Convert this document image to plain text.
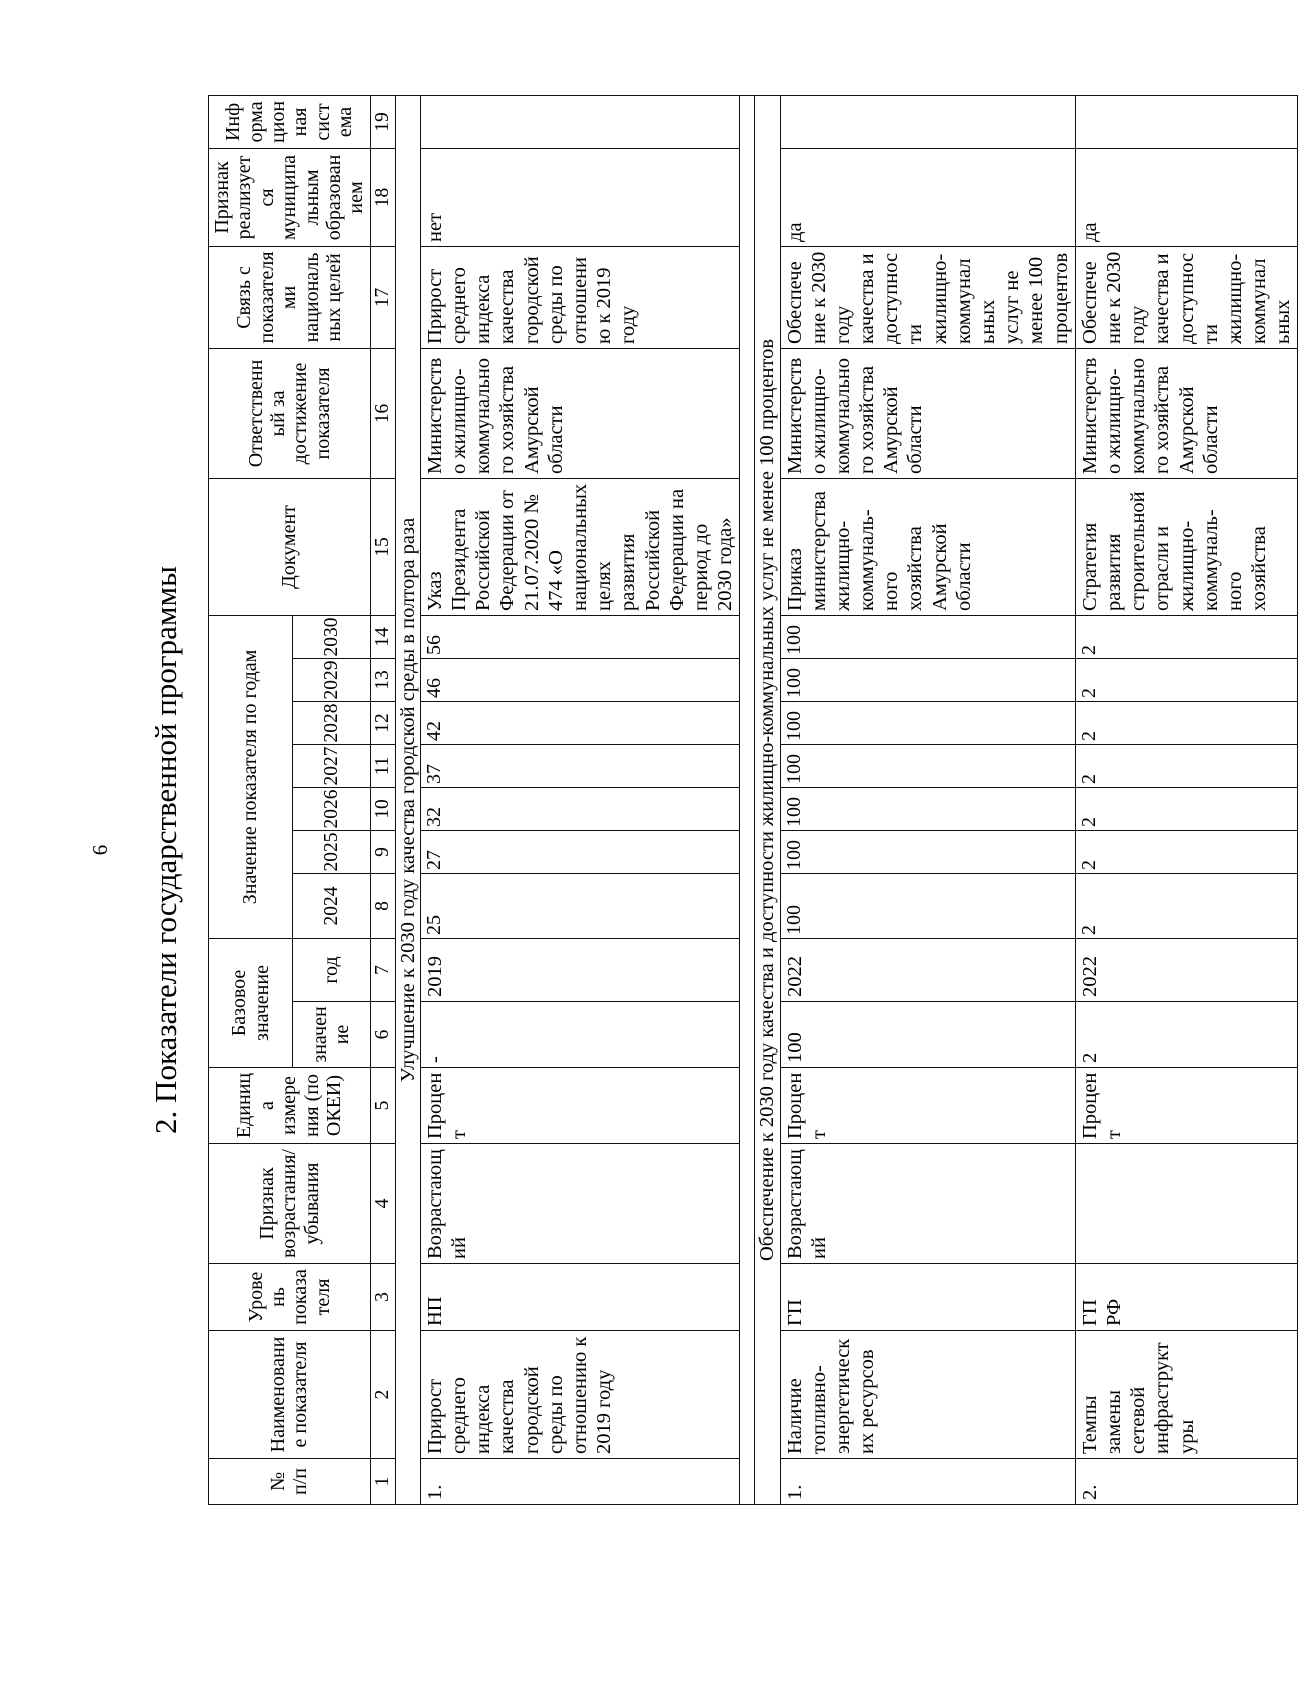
6 2. Показатели государственной программы
№ п/п	Наименование показателя	Уровень показателя	Признак возрастания/ убывания	Единица измерения (по ОКЕИ)	Базовое значение		Значение показателя по годам							Документ	Ответственный за достижение показателя	Связь с показателями национальных целей	Признак реализуется муниципальным образованием	Информационная система
					значение	год	2024	2025	2026	2027	2028	2029	2030					
1	2	3	4	5	6	7	8	9	10	11	12	13	14	15	16	17	18	19
Улучшение к 2030 году качества городской среды в полтора раза																		
1.	Прирост среднего индекса качества городской среды по отношению к 2019 году	НП	Возрастающий	Процент	-	2019	25	27	32	37	42	46	56	Указ Президента Российской Федерации от 21.07.2020 № 474 «О национальных целях развития Российской Федерации на период до 2030 года»	Министерство жилищно-коммунального хозяйства Амурской области	Прирост среднего индекса качества городской среды по отношению к 2019 году	нет	

Обеспечение к 2030 году качества и доступности жилищно-коммунальных услуг не менее 100 процентов																		
1.	Наличие топливно-энергетических ресурсов	ГП	Возрастающий	Процент	100	2022	100	100	100	100	100	100	100	Приказ министерства жилищно-коммуналь-ного хозяйства Амурской области	Министерство жилищно-коммунального хозяйства Амурской области	Обеспечение к 2030 году качества и доступности жилищно-коммунальных услуг не менее 100 процентов	да	
2.	Темпы замены сетевой инфраструктуры	ГП РФ		Процент	2	2022	2	2	2	2	2	2	2	Стратегия развития строительной отрасли и жилищно-коммуналь-ного хозяйства	Министерство жилищно-коммунального хозяйства Амурской области	Обеспечение к 2030 году качества и доступности жилищно-коммунальных	да	
